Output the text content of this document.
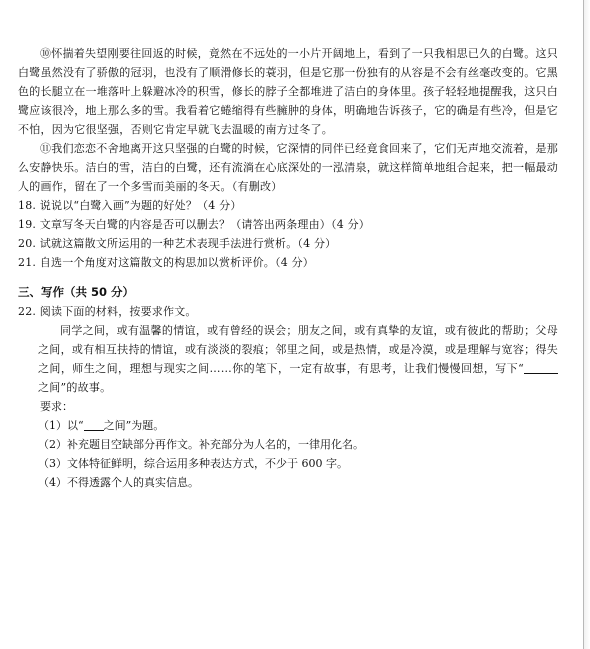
⑩怀揣着失望刚要往回返的时候，竟然在不远处的一小片开阔地上，看到了一只我相思已久的白鹭。这只白鹭虽然没有了骄傲的冠羽，也没有了顺滑修长的蓑羽，但是它那一份独有的从容是不会有丝毫改变的。它黑色的长腿立在一堆落叶上躲避冰冷的积雪，修长的脖子全都堆进了洁白的身体里。孩子轻轻地提醒我，这只白鹭应该很冷，地上那么多的雪。我看着它蜷缩得有些臃肿的身体，明确地告诉孩子，它的确是有些冷，但是它不怕，因为它很坚强，否则它肯定早就飞去温暖的南方过冬了。

⑪我们恋恋不舍地离开这只坚强的白鹭的时候，它深情的同伴已经竟食回来了，它们无声地交流着，是那么安静快乐。洁白的雪，洁白的白鹭，还有流淌在心底深处的一泓清泉，就这样简单地组合起来，把一幅最动人的画作，留在了一个多雪而美丽的冬天。（有删改）

18. 说说以“白鹭入画”为题的好处？（4 分）

19. 文章写冬天白鹭的内容是否可以删去？（请答出两条理由）（4 分）

20. 试就这篇散文所运用的一种艺术表现手法进行赏析。（4 分）

21. 自选一个角度对这篇散文的构思加以赏析评价。（4 分）

三、写作（共 50 分）

22. 阅读下面的材料，按要求作文。

同学之间，或有温馨的情谊，或有曾经的误会；朋友之间，或有真挚的友谊，或有彼此的帮助；父母之间，或有相互扶持的情谊，或有淡淡的裂痕；邻里之间，或是热情，或是冷漠，或是理解与宽容；得失之间，师生之间，理想与现实之间……你的笔下，一定有故事，有思考，让我们慢慢回想，写下“之间”的故事。

要求：

（1）以“ 之间”为题。

（2）补充题目空缺部分再作文。补充部分为人名的，一律用化名。

（3）文体特征鲜明，综合运用多种表达方式，不少于 600 字。

（4）不得透露个人的真实信息。
